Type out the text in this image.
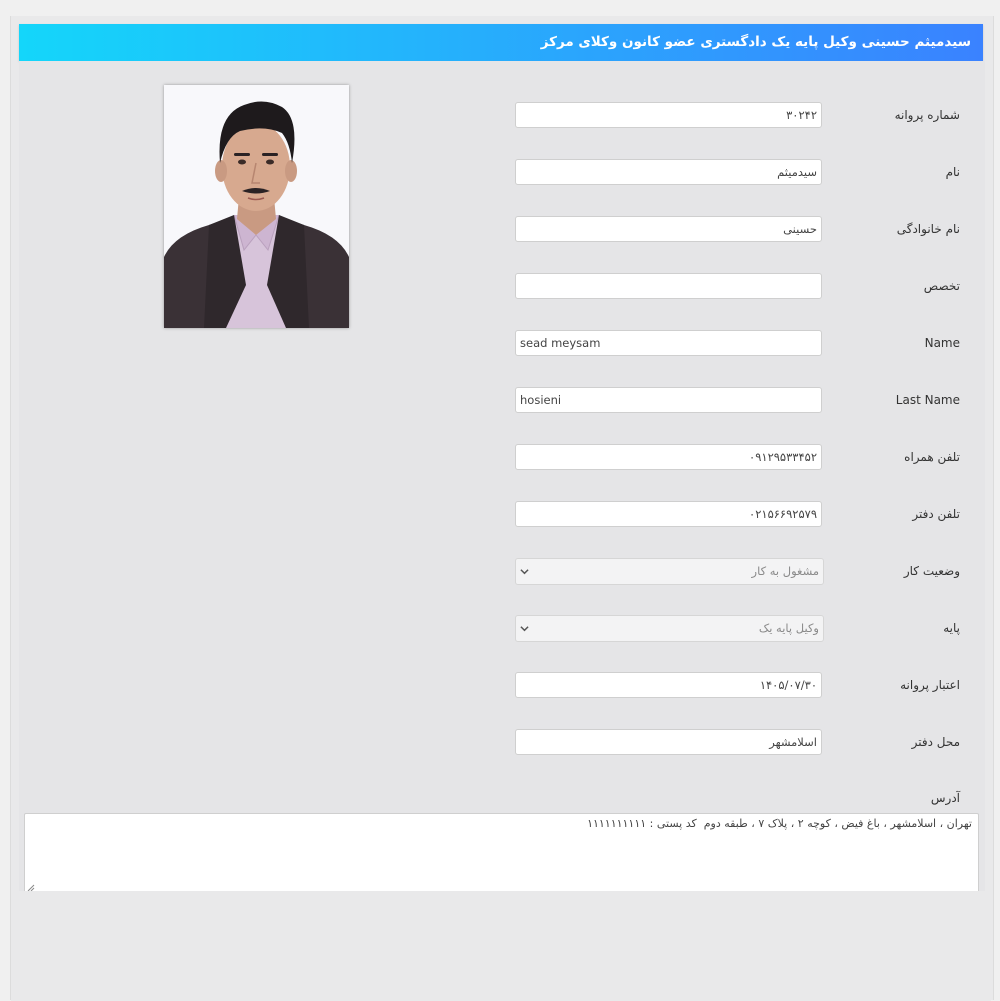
سیدمیثم حسینی وکیل پایه یک دادگستری عضو کانون وکلای مرکز
شماره پروانه
۳۰۲۴۲
نام
سیدمیثم
نام خانوادگی
حسینی
تخصص
Name
sead meysam
Last Name
hosieni
تلفن همراه
۰۹۱۲۹۵۳۳۴۵۲
تلفن دفتر
۰۲۱۵۶۶۹۲۵۷۹
وضعیت کار
مشغول به کار
پایه
وکیل پایه یک
اعتبار پروانه
۱۴۰۵/۰۷/۳۰
محل دفتر
اسلامشهر
آدرس
تهران ، اسلامشهر ، باغ فیض ، کوچه ۲ ، پلاک ۷ ، طبقه دوم کد پستی : ۱۱۱۱۱۱۱۱۱۱
